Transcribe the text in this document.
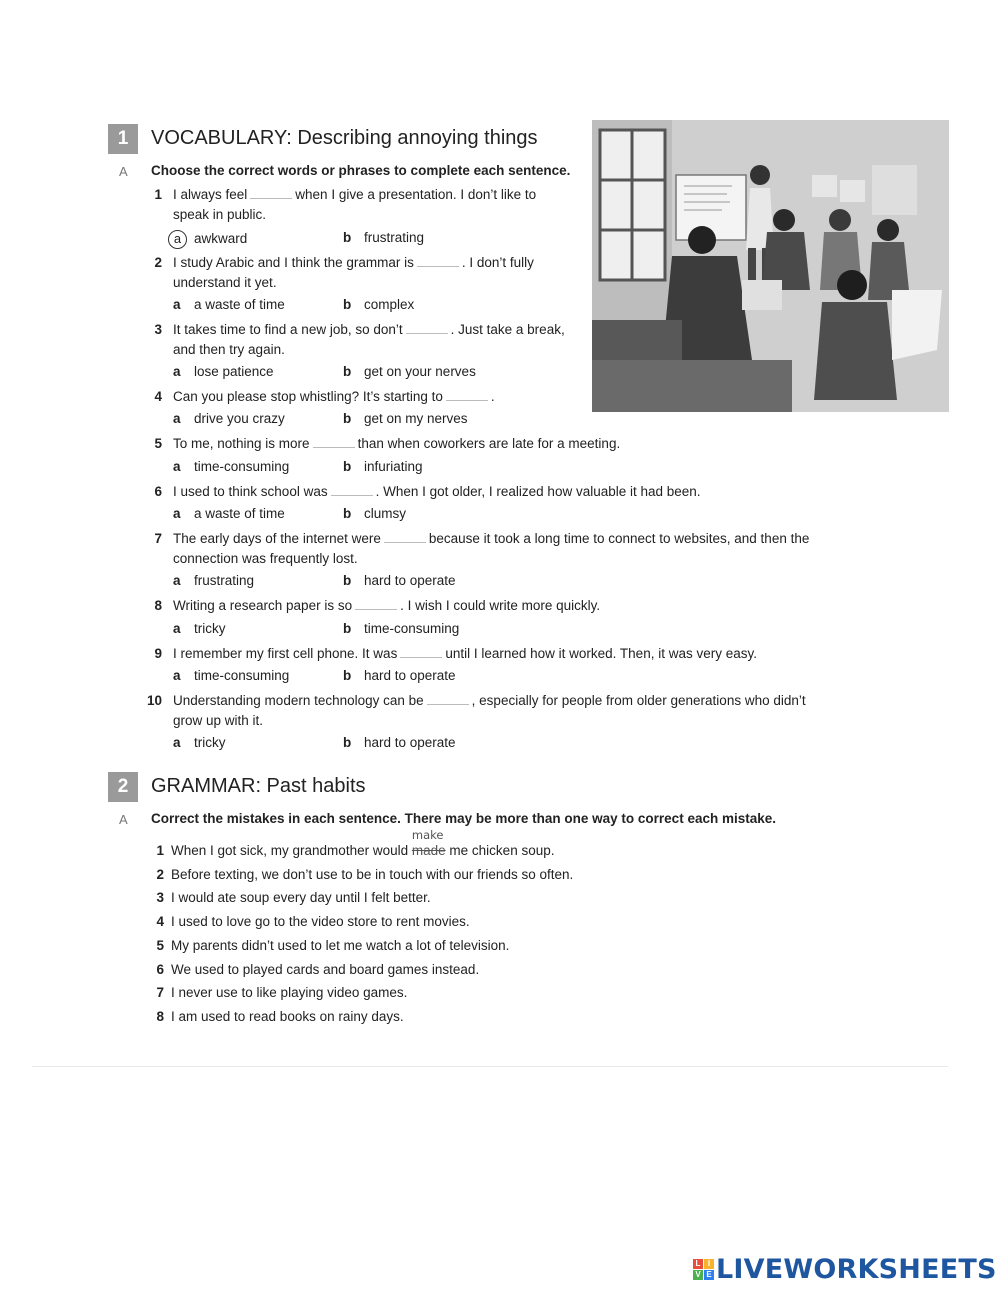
1	VOCABULARY: Describing annoying things
A Choose the correct words or phrases to complete each sentence.
1 I always feel	when I give a presentation. I don’t like to
speak in public.
a awkward	b frustrating
2 I study Arabic and I think the grammar is	. I don’t fully
understand it yet.
a a waste of time	b complex
3 It takes time to find a new job, so don’t	. Just take a break,
and then try again.
a lose patience	b get on your nerves
4 Can you please stop whistling? It’s starting to	.
a drive you crazy	b get on my nerves
5 To me, nothing is more	than when coworkers are late for a meeting.
a time-consuming	b infuriating
6 I used to think school was	. When I got older, I realized how valuable it had been.
a a waste of time	b clumsy
7 The early days of the internet were	because it took a long time to connect to websites, and then the
connection was frequently lost.
a frustrating	b hard to operate
8 Writing a research paper is so	. I wish I could write more quickly.
a tricky	b time-consuming
9 I remember my first cell phone. It was	until I learned how it worked. Then, it was very easy.
a time-consuming	b hard to operate
10 Understanding modern technology can be	, especially for people from older generations who didn’t
grow up with it.
a tricky	b hard to operate
2	GRAMMAR: Past habits
A Correct the mistakes in each sentence. There may be more than one way to correct each mistake.
1 When I got sick, my grandmother would
make
made me chicken soup.
2 Before texting, we don’t use to be in touch with our friends so often.
3 I would ate soup every day until I felt better.
4 I used to love go to the video store to rent movies.
5 My parents didn’t used to let me watch a lot of television.
6 We used to played cards and board games instead.
7 I never use to like playing video games.
8 I am used to read books on rainy days.
L I
V E LIVEWORKSHEETS
